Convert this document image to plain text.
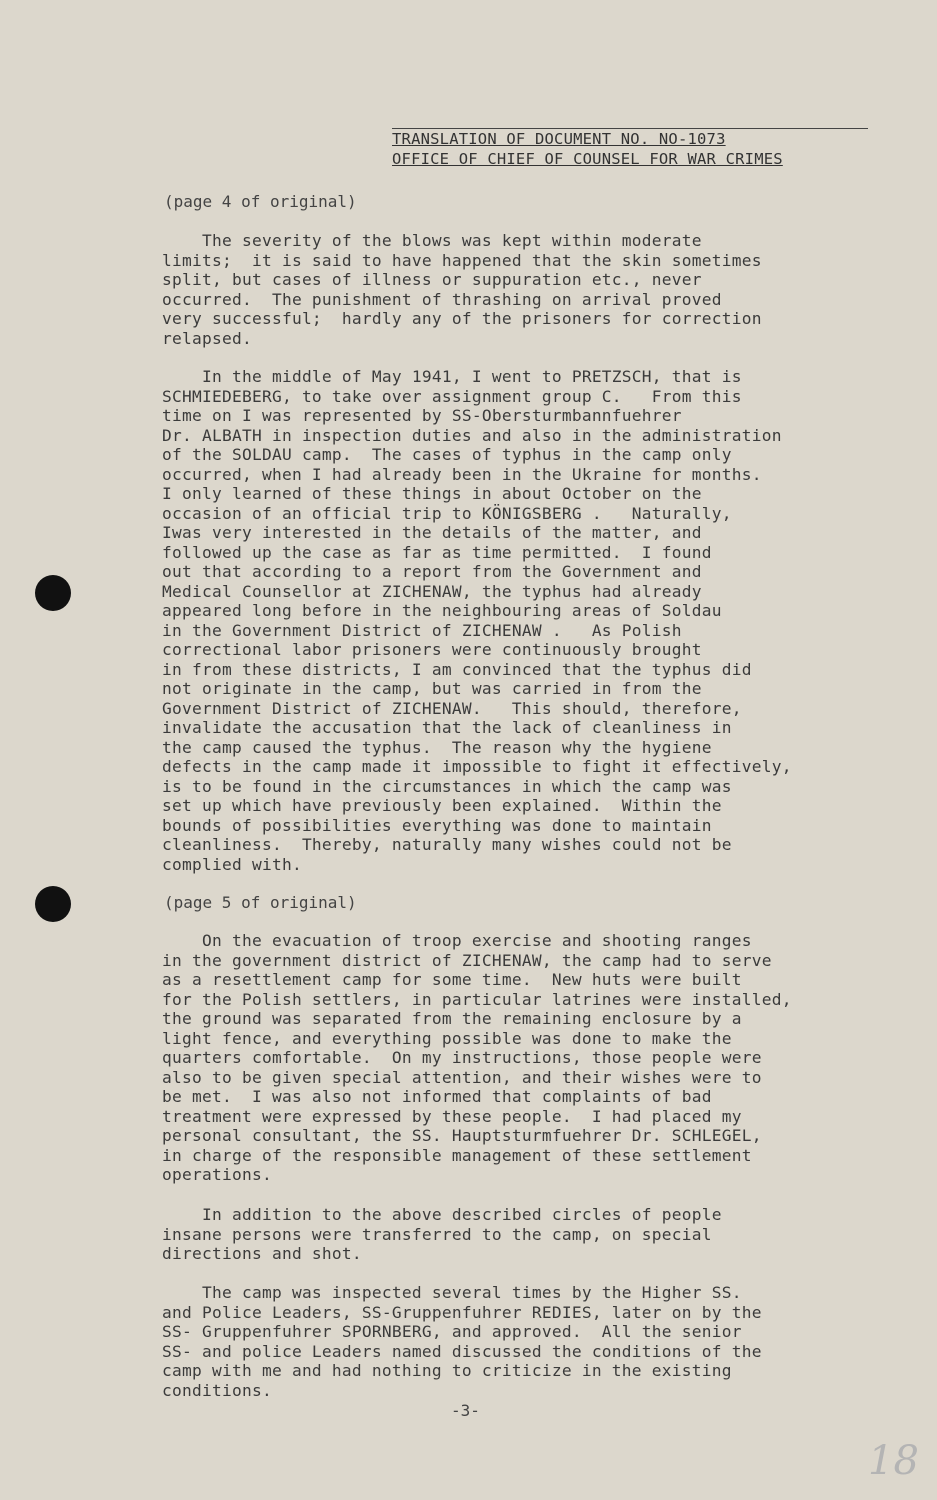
TRANSLATION OF DOCUMENT NO. NO-1073
OFFICE OF CHIEF OF COUNSEL FOR WAR CRIMES
(page 4 of original)
The severity of the blows was kept within moderate
limits;  it is said to have happened that the skin sometimes
split, but cases of illness or suppuration etc., never
occurred.  The punishment of thrashing on arrival proved
very successful;  hardly any of the prisoners for correction
relapsed.
In the middle of May 1941, I went to PRETZSCH, that is
SCHMIEDEBERG, to take over assignment group C.   From this
time on I was represented by SS-Obersturmbannfuehrer
Dr. ALBATH in inspection duties and also in the administration
of the SOLDAU camp.  The cases of typhus in the camp only
occurred, when I had already been in the Ukraine for months.
I only learned of these things in about October on the
occasion of an official trip to KÖNIGSBERG .   Naturally,
Iwas very interested in the details of the matter, and
followed up the case as far as time permitted.  I found
out that according to a report from the Government and
Medical Counsellor at ZICHENAW, the typhus had already
appeared long before in the neighbouring areas of Soldau
in the Government District of ZICHENAW .   As Polish
correctional labor prisoners were continuously brought
in from these districts, I am convinced that the typhus did
not originate in the camp, but was carried in from the
Government District of ZICHENAW.   This should, therefore,
invalidate the accusation that the lack of cleanliness in
the camp caused the typhus.  The reason why the hygiene
defects in the camp made it impossible to fight it effectively,
is to be found in the circumstances in which the camp was
set up which have previously been explained.  Within the
bounds of possibilities everything was done to maintain
cleanliness.  Thereby, naturally many wishes could not be
complied with.
(page 5 of original)
On the evacuation of troop exercise and shooting ranges
in the government district of ZICHENAW, the camp had to serve
as a resettlement camp for some time.  New huts were built
for the Polish settlers, in particular latrines were installed,
the ground was separated from the remaining enclosure by a
light fence, and everything possible was done to make the
quarters comfortable.  On my instructions, those people were
also to be given special attention, and their wishes were to
be met.  I was also not informed that complaints of bad
treatment were expressed by these people.  I had placed my
personal consultant, the SS. Hauptsturmfuehrer Dr. SCHLEGEL,
in charge of the responsible management of these settlement
operations.
In addition to the above described circles of people
insane persons were transferred to the camp, on special
directions and shot.
The camp was inspected several times by the Higher SS.
and Police Leaders, SS-Gruppenfuhrer REDIES, later on by the
SS- Gruppenfuhrer SPORNBERG, and approved.  All the senior
SS- and police Leaders named discussed the conditions of the
camp with me and had nothing to criticize in the existing
conditions.
-3-
18
